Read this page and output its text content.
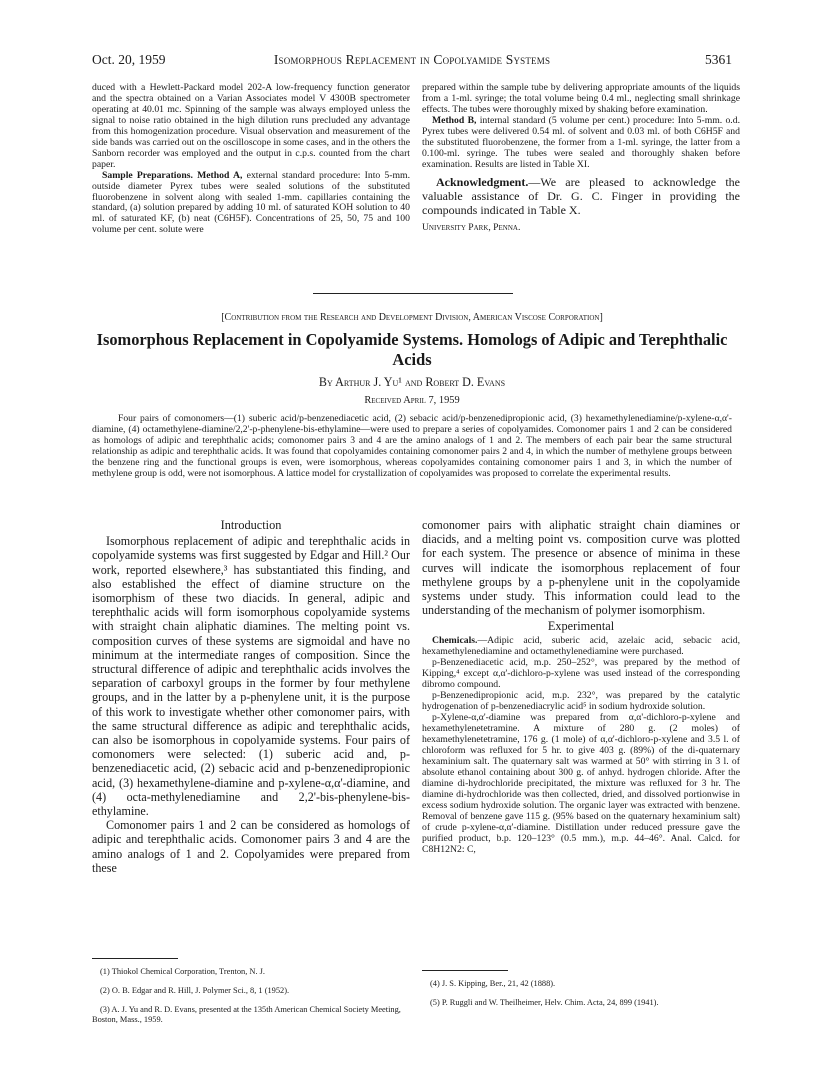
Oct. 20, 1959	Isomorphous Replacement in Copolyamide Systems	5361

duced with a Hewlett-Packard model 202-A low-frequency function generator and the spectra obtained on a Varian Associates model V 4300B spectrometer operating at 40.01 mc. Spinning of the sample was always employed unless the signal to noise ratio obtained in the high dilution runs precluded any advantage from this homogenization procedure. Visual observation and measurement of the side bands was carried out on the oscilloscope in some cases, and in the others the Sanborn recorder was employed and the output in c.p.s. counted from the chart paper.

Sample Preparations. Method A, external standard procedure: Into 5-mm. outside diameter Pyrex tubes were sealed solutions of the substituted fluorobenzene in solvent along with sealed 1-mm. capillaries containing the standard, (a) solution prepared by adding 10 ml. of saturated KOH solution to 40 ml. of saturated KF, (b) neat (C6H5F). Concentrations of 25, 50, 75 and 100 volume per cent. solute were

prepared within the sample tube by delivering appropriate amounts of the liquids from a 1-ml. syringe; the total volume being 0.4 ml., neglecting small shrinkage effects. The tubes were thoroughly mixed by shaking before examination.

Method B, internal standard (5 volume per cent.) procedure: Into 5-mm. o.d. Pyrex tubes were delivered 0.54 ml. of solvent and 0.03 ml. of both C6H5F and the substituted fluorobenzene, the former from a 1-ml. syringe, the latter from a 0.100-ml. syringe. The tubes were sealed and thoroughly shaken before examination. Results are listed in Table XI.

Acknowledgment.—We are pleased to acknowledge the valuable assistance of Dr. G. C. Finger in providing the compounds indicated in Table X.

University Park, Penna.

[Contribution from the Research and Development Division, American Viscose Corporation]
Isomorphous Replacement in Copolyamide Systems. Homologs of Adipic and Terephthalic Acids
By Arthur J. Yu¹ and Robert D. Evans
Received April 7, 1959
Four pairs of comonomers—(1) suberic acid/p-benzenediacetic acid, (2) sebacic acid/p-benzenedipropionic acid, (3) hexamethylenediamine/p-xylene-α,α'-diamine, (4) octamethylene-diamine/2,2'-p-phenylene-bis-ethylamine—were used to prepare a series of copolyamides. Comonomer pairs 1 and 2 can be considered as homologs of adipic and terephthalic acids; comonomer pairs 3 and 4 are the amino analogs of 1 and 2. The members of each pair bear the same structural relationship as adipic and terephthalic acids. It was found that copolyamides containing comonomer pairs 2 and 4, in which the number of methylene groups between the benzene ring and the functional groups is even, were isomorphous, whereas copolyamides containing comonomer pairs 1 and 3, in which the number of methylene group is odd, were not isomorphous. A lattice model for crystallization of copolyamides was proposed to correlate the experimental results.

Introduction

Isomorphous replacement of adipic and terephthalic acids in copolyamide systems was first suggested by Edgar and Hill.² Our work, reported elsewhere,³ has substantiated this finding, and also established the effect of diamine structure on the isomorphism of these two diacids. In general, adipic and terephthalic acids will form isomorphous copolyamide systems with straight chain aliphatic diamines. The melting point vs. composition curves of these systems are sigmoidal and have no minimum at the intermediate ranges of composition. Since the structural difference of adipic and terephthalic acids involves the separation of carboxyl groups in the former by four methylene groups, and in the latter by a p-phenylene unit, it is the purpose of this work to investigate whether other comonomer pairs, with the same structural difference as adipic and terephthalic acids, can also be isomorphous in copolyamide systems. Four pairs of comonomers were selected: (1) suberic acid and, p-benzenediacetic acid, (2) sebacic acid and p-benzenedipropionic acid, (3) hexamethylene-diamine and p-xylene-α,α'-diamine, and (4) octa-methylenediamine and 2,2'-bis-phenylene-bis-ethylamine.

Comonomer pairs 1 and 2 can be considered as homologs of adipic and terephthalic acids. Comonomer pairs 3 and 4 are the amino analogs of 1 and 2. Copolyamides were prepared from these

comonomer pairs with aliphatic straight chain diamines or diacids, and a melting point vs. composition curve was plotted for each system. The presence or absence of minima in these curves will indicate the isomorphous replacement of four methylene groups by a p-phenylene unit in the copolyamide systems under study. This information could lead to the understanding of the mechanism of polymer isomorphism.

Experimental

Chemicals.—Adipic acid, suberic acid, azelaic acid, sebacic acid, hexamethylenediamine and octamethylenediamine were purchased.

p-Benzenediacetic acid, m.p. 250–252°, was prepared by the method of Kipping,⁴ except α,α'-dichloro-p-xylene was used instead of the corresponding dibromo compound.

p-Benzenedipropionic acid, m.p. 232°, was prepared by the catalytic hydrogenation of p-benzenediacrylic acid⁵ in sodium hydroxide solution.

p-Xylene-α,α'-diamine was prepared from α,α'-dichloro-p-xylene and hexamethylenetetramine. A mixture of 280 g. (2 moles) of hexamethylenetetramine, 176 g. (1 mole) of α,α'-dichloro-p-xylene and 3.5 l. of chloroform was refluxed for 5 hr. to give 403 g. (89%) of the di-quaternary hexaminium salt. The quaternary salt was warmed at 50° with stirring in 3 l. of absolute ethanol containing about 300 g. of anhyd. hydrogen chloride. After the diamine di-hydrochloride precipitated, the mixture was refluxed for 3 hr. The diamine di-hydrochloride was then collected, dried, and dissolved portionwise in excess sodium hydroxide solution. The organic layer was extracted with benzene. Removal of benzene gave 115 g. (95% based on the quaternary hexaminium salt) of crude p-xylene-α,α'-diamine. Distillation under reduced pressure gave the purified product, b.p. 120–123° (0.5 mm.), m.p. 44–46°. Anal. Calcd. for C8H12N2: C,

(1) Thiokol Chemical Corporation, Trenton, N. J.

(2) O. B. Edgar and R. Hill, J. Polymer Sci., 8, 1 (1952).

(3) A. J. Yu and R. D. Evans, presented at the 135th American Chemical Society Meeting, Boston, Mass., 1959.

(4) J. S. Kipping, Ber., 21, 42 (1888).

(5) P. Ruggli and W. Theilheimer, Helv. Chim. Acta, 24, 899 (1941).
